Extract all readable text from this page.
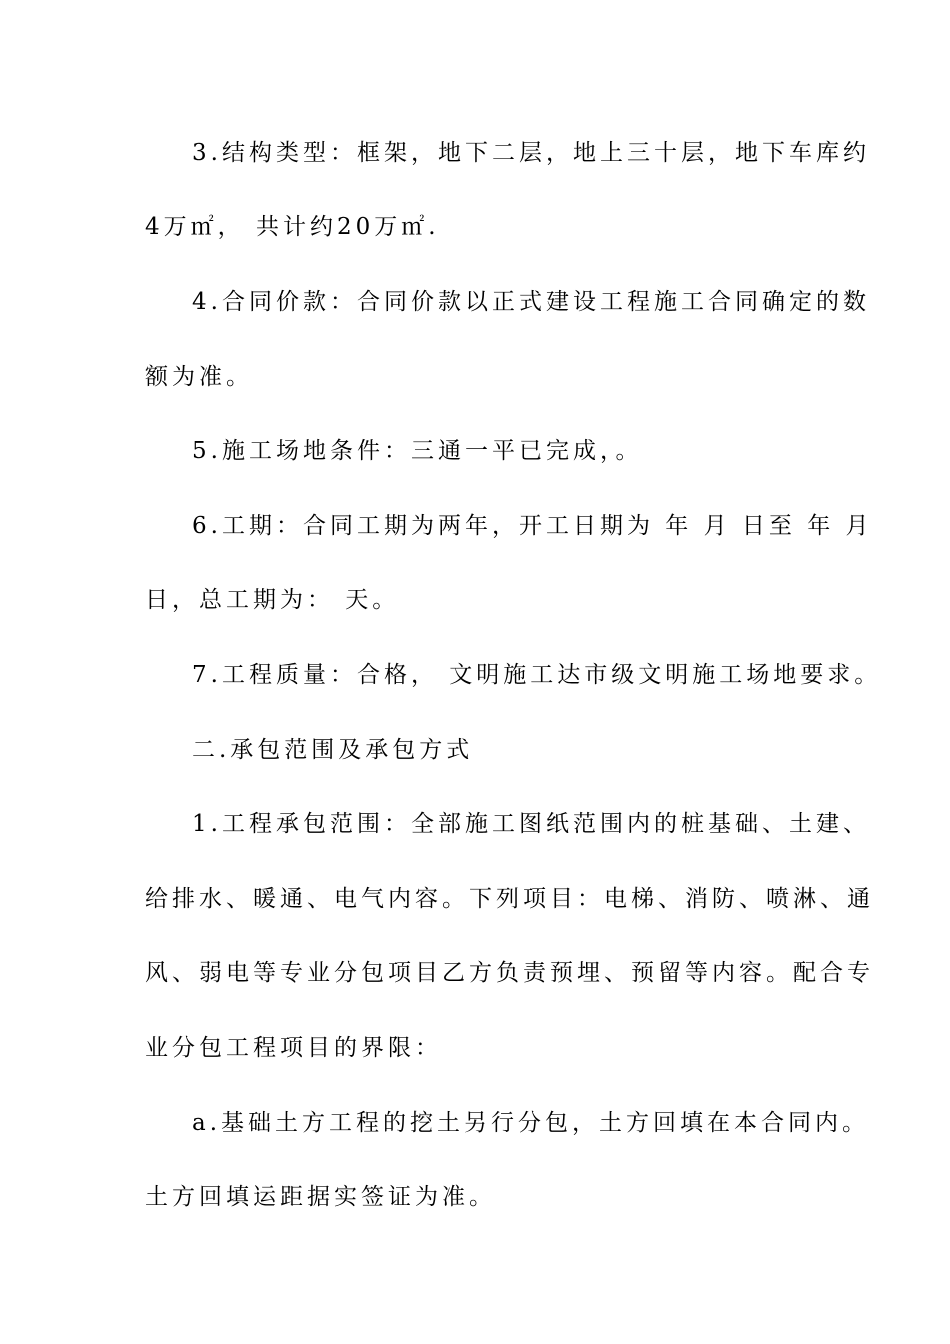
3.结构类型：框架，地下二层，地上三十层，地下车库约
4万㎡， 共计约20万㎡.
4.合同价款：合同价款以正式建设工程施工合同确定的数
额为准。
5.施工场地条件：三通一平已完成，。
6.工期：合同工期为两年，开工日期为 年 月 日至 年 月
日，总工期为： 天。
7.工程质量：合格， 文明施工达市级文明施工场地要求。
二.承包范围及承包方式
1.工程承包范围：全部施工图纸范围内的桩基础、土建、
给排水、暖通、电气内容。下列项目：电梯、消防、喷淋、通
风、弱电等专业分包项目乙方负责预埋、预留等内容。配合专
业分包工程项目的界限：
a.基础土方工程的挖土另行分包，土方回填在本合同内。
土方回填运距据实签证为准。
